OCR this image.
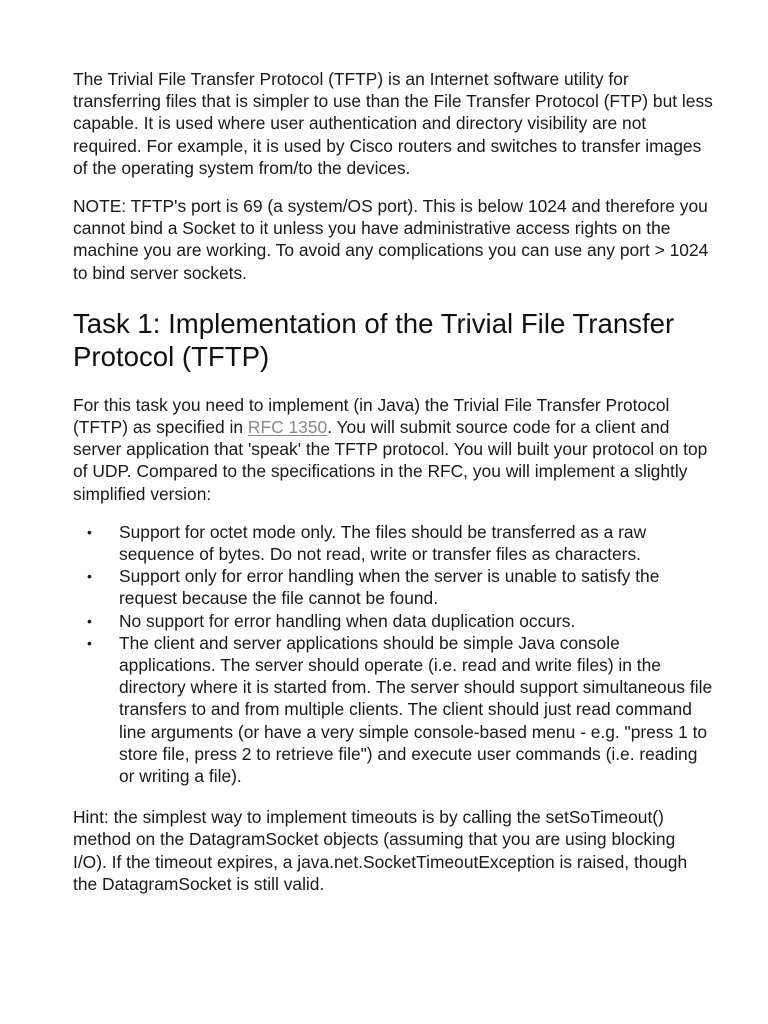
The Trivial File Transfer Protocol (TFTP) is an Internet software utility for transferring files that is simpler to use than the File Transfer Protocol (FTP) but less capable. It is used where user authentication and directory visibility are not required. For example, it is used by Cisco routers and switches to transfer images of the operating system from/to the devices.

NOTE: TFTP's port is 69 (a system/OS port). This is below 1024 and therefore you cannot bind a Socket to it unless you have administrative access rights on the machine you are working. To avoid any complications you can use any port > 1024 to bind server sockets.

Task 1: Implementation of the Trivial File Transfer Protocol (TFTP)

For this task you need to implement (in Java) the Trivial File Transfer Protocol (TFTP) as specified in RFC 1350. You will submit source code for a client and server application that 'speak' the TFTP protocol. You will built your protocol on top of UDP. Compared to the specifications in the RFC, you will implement a slightly simplified version:

• Support for octet mode only. The files should be transferred as a raw sequence of bytes. Do not read, write or transfer files as characters.
• Support only for error handling when the server is unable to satisfy the request because the file cannot be found.
• No support for error handling when data duplication occurs.
• The client and server applications should be simple Java console applications. The server should operate (i.e. read and write files) in the directory where it is started from. The server should support simultaneous file transfers to and from multiple clients. The client should just read command line arguments (or have a very simple console-based menu - e.g. "press 1 to store file, press 2 to retrieve file") and execute user commands (i.e. reading or writing a file).

Hint: the simplest way to implement timeouts is by calling the setSoTimeout() method on the DatagramSocket objects (assuming that you are using blocking I/O). If the timeout expires, a java.net.SocketTimeoutException is raised, though the DatagramSocket is still valid.
